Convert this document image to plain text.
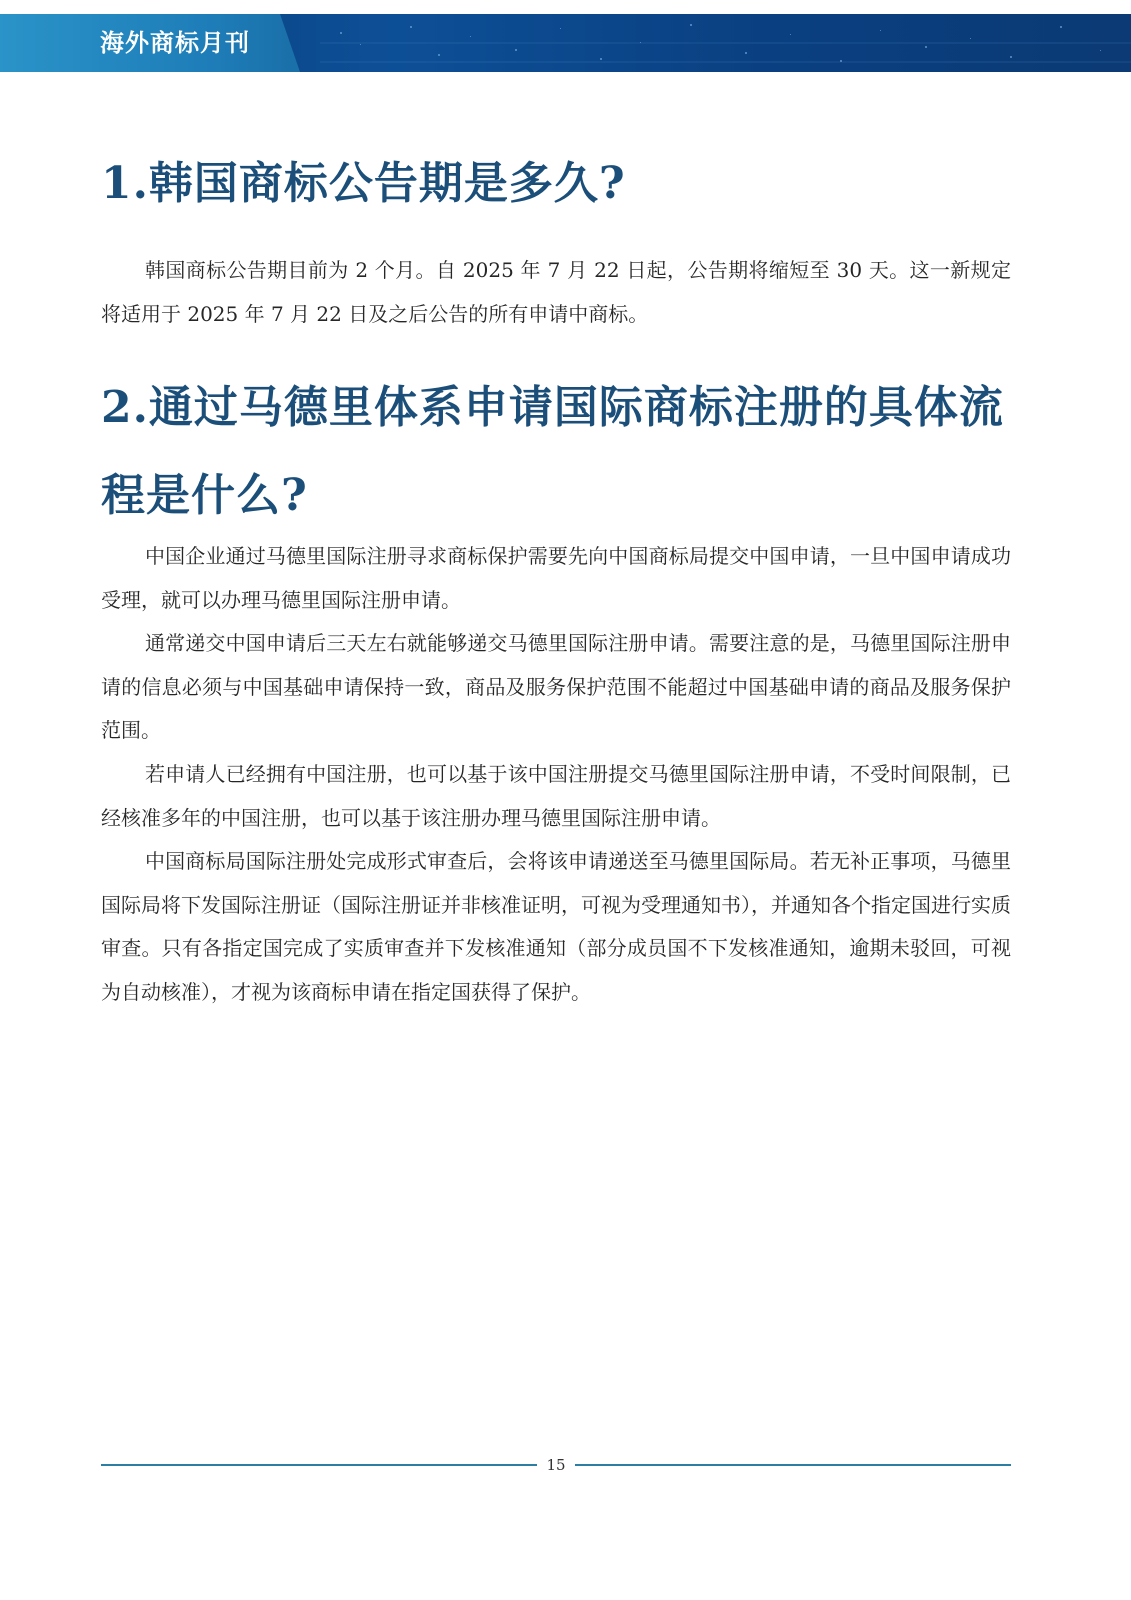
海外商标月刊
1.韩国商标公告期是多久?

韩国商标公告期目前为 2 个月。自 2025 年 7 月 22 日起，公告期将缩短至 30 天。这一新规定将适用于 2025 年 7 月 22 日及之后公告的所有申请中商标。

2.通过马德里体系申请国际商标注册的具体流程是什么?

中国企业通过马德里国际注册寻求商标保护需要先向中国商标局提交中国申请，一旦中国申请成功受理，就可以办理马德里国际注册申请。

通常递交中国申请后三天左右就能够递交马德里国际注册申请。需要注意的是，马德里国际注册申请的信息必须与中国基础申请保持一致，商品及服务保护范围不能超过中国基础申请的商品及服务保护范围。

若申请人已经拥有中国注册，也可以基于该中国注册提交马德里国际注册申请，不受时间限制，已经核准多年的中国注册，也可以基于该注册办理马德里国际注册申请。

中国商标局国际注册处完成形式审查后，会将该申请递送至马德里国际局。若无补正事项，马德里国际局将下发国际注册证（国际注册证并非核准证明，可视为受理通知书），并通知各个指定国进行实质审查。只有各指定国完成了实质审查并下发核准通知（部分成员国不下发核准通知，逾期未驳回，可视为自动核准），才视为该商标申请在指定国获得了保护。

15
